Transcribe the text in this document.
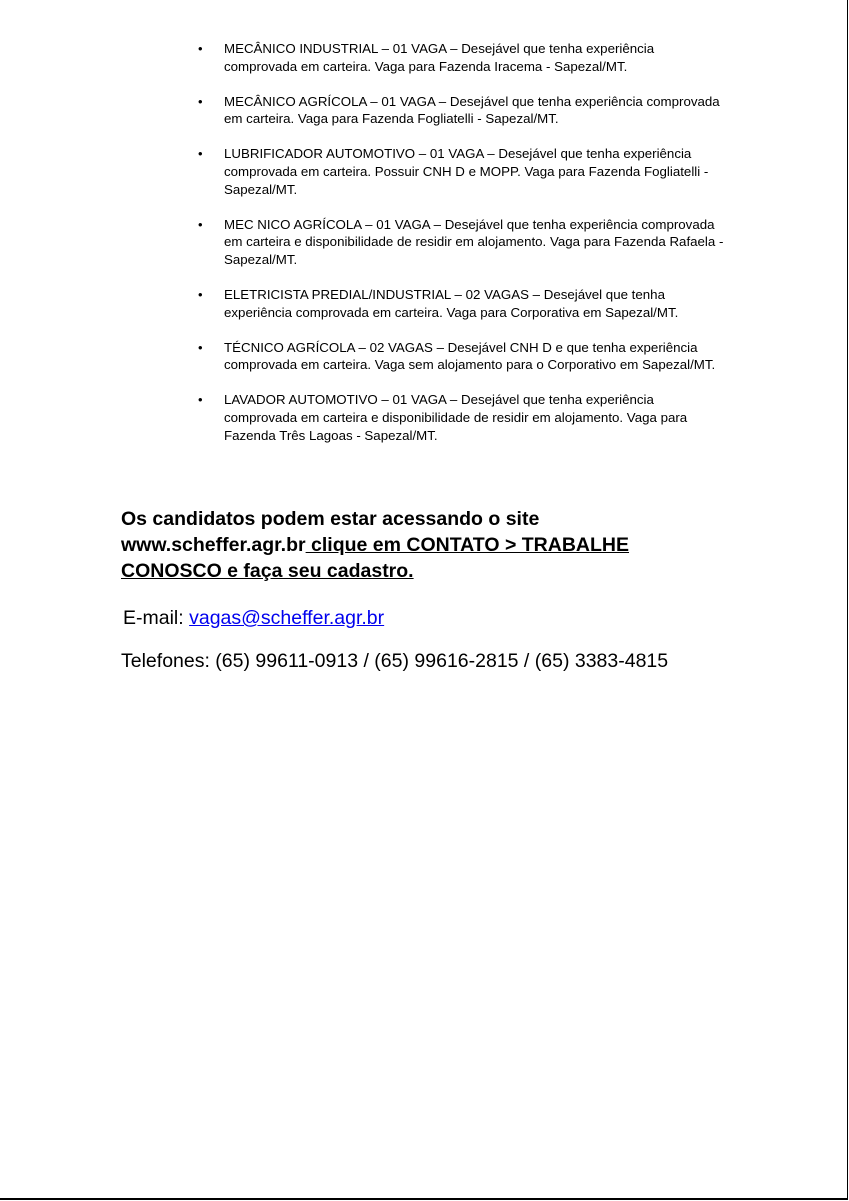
• MECÂNICO INDUSTRIAL – 01 VAGA – Desejável que tenha experiência comprovada em carteira. Vaga para Fazenda Iracema - Sapezal/MT.
• MECÂNICO AGRÍCOLA – 01 VAGA – Desejável que tenha experiência comprovada em carteira. Vaga para Fazenda Fogliatelli - Sapezal/MT.
• LUBRIFICADOR AUTOMOTIVO – 01 VAGA – Desejável que tenha experiência comprovada em carteira. Possuir CNH D e MOPP. Vaga para Fazenda Fogliatelli - Sapezal/MT.
• MEC NICO AGRÍCOLA – 01 VAGA – Desejável que tenha experiência comprovada em carteira e disponibilidade de residir em alojamento. Vaga para Fazenda Rafaela - Sapezal/MT.
• ELETRICISTA PREDIAL/INDUSTRIAL – 02 VAGAS – Desejável que tenha experiência comprovada em carteira. Vaga para Corporativa em Sapezal/MT.
• TÉCNICO AGRÍCOLA – 02 VAGAS – Desejável CNH D e que tenha experiência comprovada em carteira. Vaga sem alojamento para o Corporativo em Sapezal/MT.
• LAVADOR AUTOMOTIVO – 01 VAGA – Desejável que tenha experiência comprovada em carteira e disponibilidade de residir em alojamento. Vaga para Fazenda Três Lagoas - Sapezal/MT.
Os candidatos podem estar acessando o site www.scheffer.agr.br clique em CONTATO > TRABALHE CONOSCO e faça seu cadastro.
E-mail: vagas@scheffer.agr.br
Telefones: (65) 99611-0913 / (65) 99616-2815 / (65) 3383-4815
